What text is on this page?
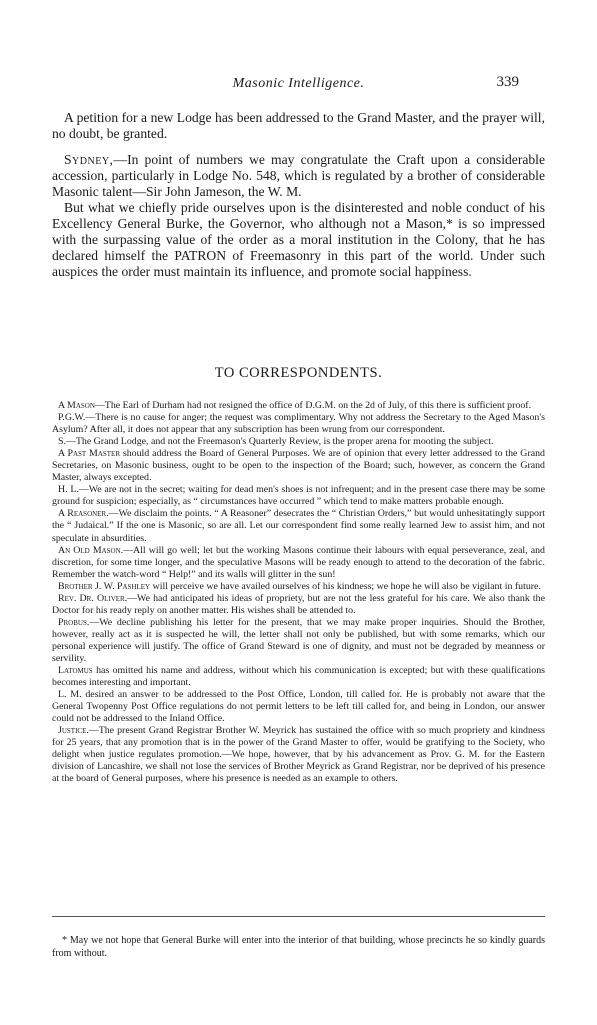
Masonic Intelligence.	339

A petition for a new Lodge has been addressed to the Grand Master, and the prayer will, no doubt, be granted.

Sydney,—In point of numbers we may congratulate the Craft upon a considerable accession, particularly in Lodge No. 548, which is regulated by a brother of considerable Masonic talent—Sir John Jameson, the W. M.

But what we chiefly pride ourselves upon is the disinterested and noble conduct of his Excellency General Burke, the Governor, who although not a Mason,* is so impressed with the surpassing value of the order as a moral institution in the Colony, that he has declared himself the PATRON of Freemasonry in this part of the world. Under such auspices the order must maintain its influence, and promote social happiness.

TO CORRESPONDENTS.

A Mason—The Earl of Durham had not resigned the office of D.G.M. on the 2d of July, of this there is sufficient proof.

P.G.W.—There is no cause for anger; the request was complimentary. Why not address the Secretary to the Aged Mason's Asylum? After all, it does not appear that any subscription has been wrung from our correspondent.

S.—The Grand Lodge, and not the Freemason's Quarterly Review, is the proper arena for mooting the subject.

A Past Master should address the Board of General Purposes. We are of opinion that every letter addressed to the Grand Secretaries, on Masonic business, ought to be open to the inspection of the Board; such, however, as concern the Grand Master, always excepted.

H. L.—We are not in the secret; waiting for dead men's shoes is not infrequent; and in the present case there may be some ground for suspicion; especially, as “ circumstances have occurred ” which tend to make matters probable enough.

A Reasoner.—We disclaim the points. “ A Reasoner” desecrates the “ Christian Orders,” but would unhesitatingly support the “ Judaical.” If the one is Masonic, so are all. Let our correspondent find some really learned Jew to assist him, and not speculate in absurdities.

An Old Mason.—All will go well; let but the working Masons continue their labours with equal perseverance, zeal, and discretion, for some time longer, and the speculative Masons will be ready enough to attend to the decoration of the fabric. Remember the watch-word “ Help!” and its walls will glitter in the sun!

Brother J. W. Pashley will perceive we have availed ourselves of his kindness; we hope he will also be vigilant in future.

Rev. Dr. Oliver.—We had anticipated his ideas of propriety, but are not the less grateful for his care. We also thank the Doctor for his ready reply on another matter. His wishes shall be attended to.

Probus.—We decline publishing his letter for the present, that we may make proper inquiries. Should the Brother, however, really act as it is suspected he will, the letter shall not only be published, but with some remarks, which our personal experience will justify. The office of Grand Steward is one of dignity, and must not be degraded by meanness or servility.

Latomus has omitted his name and address, without which his communication is excepted; but with these qualifications becomes interesting and important.

L. M. desired an answer to be addressed to the Post Office, London, till called for. He is probably not aware that the General Twopenny Post Office regulations do not permit letters to be left till called for, and being in London, our answer could not be addressed to the Inland Office.

Justice.—The present Grand Registrar Brother W. Meyrick has sustained the office with so much propriety and kindness for 25 years, that any promotion that is in the power of the Grand Master to offer, would be gratifying to the Society, who delight when justice regulates promotion.—We hope, however, that by his advancement as Prov. G. M. for the Eastern division of Lancashire, we shall not lose the services of Brother Meyrick as Grand Registrar, nor be deprived of his presence at the board of General purposes, where his presence is needed as an example to others.

* May we not hope that General Burke will enter into the interior of that building, whose precincts he so kindly guards from without.
